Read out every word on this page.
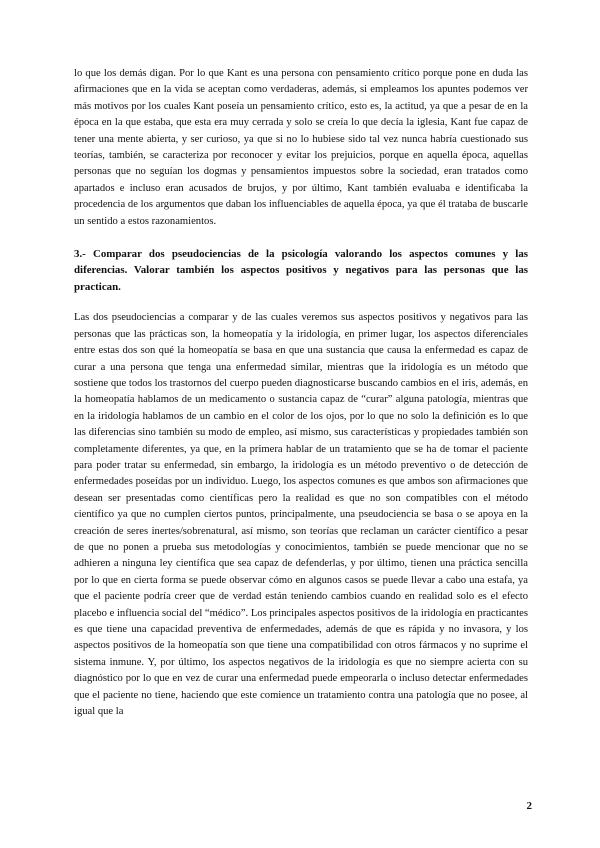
lo que los demás digan. Por lo que Kant es una persona con pensamiento crítico porque pone en duda las afirmaciones que en la vida se aceptan como verdaderas, además, si empleamos los apuntes podemos ver más motivos por los cuales Kant poseía un pensamiento crítico, esto es, la actitud, ya que a pesar de en la época en la que estaba, que esta era muy cerrada y solo se creía lo que decía la iglesia, Kant fue capaz de tener una mente abierta, y ser curioso, ya que si no lo hubiese sido tal vez nunca habría cuestionado sus teorías, también, se caracteriza por reconocer y evitar los prejuicios, porque en aquella época, aquellas personas que no seguían los dogmas y pensamientos impuestos sobre la sociedad, eran tratados como apartados e incluso eran acusados de brujos, y por último, Kant también evaluaba e identificaba la procedencia de los argumentos que daban los influenciables de aquella época, ya que él trataba de buscarle un sentido a estos razonamientos.

3.- Comparar dos pseudociencias de la psicología valorando los aspectos comunes y las diferencias. Valorar también los aspectos positivos y negativos para las personas que las practican.

Las dos pseudociencias a comparar y de las cuales veremos sus aspectos positivos y negativos para las personas que las prácticas son, la homeopatía y la iridología, en primer lugar, los aspectos diferenciales entre estas dos son qué la homeopatía se basa en que una sustancia que causa la enfermedad es capaz de curar a una persona que tenga una enfermedad similar, mientras que la iridología es un método que sostiene que todos los trastornos del cuerpo pueden diagnosticarse buscando cambios en el iris, además, en la homeopatía hablamos de un medicamento o sustancia capaz de “curar” alguna patología, mientras que en la iridología hablamos de un cambio en el color de los ojos, por lo que no solo la definición es lo que las diferencias sino también su modo de empleo, así mismo, sus características y propiedades también son completamente diferentes, ya que, en la primera hablar de un tratamiento que se ha de tomar el paciente para poder tratar su enfermedad, sin embargo, la iridología es un método preventivo o de detección de enfermedades poseídas por un individuo. Luego, los aspectos comunes es que ambos son afirmaciones que desean ser presentadas como científicas pero la realidad es que no son compatibles con el método científico ya que no cumplen ciertos puntos, principalmente, una pseudociencia se basa o se apoya en la creación de seres inertes/sobrenatural, así mismo, son teorías que reclaman un carácter científico a pesar de que no ponen a prueba sus metodologías y conocimientos, también se puede mencionar que no se adhieren a ninguna ley científica que sea capaz de defenderlas, y por último, tienen una práctica sencilla por lo que en cierta forma se puede observar cómo en algunos casos se puede llevar a cabo una estafa, ya que el paciente podría creer que de verdad están teniendo cambios cuando en realidad solo es el efecto placebo e influencia social del “médico”. Los principales aspectos positivos de la iridología en practicantes es que tiene una capacidad preventiva de enfermedades, además de que es rápida y no invasora, y los aspectos positivos de la homeopatía son que tiene una compatibilidad con otros fármacos y no suprime el sistema inmune. Y, por último, los aspectos negativos de la iridología es que no siempre acierta con su diagnóstico por lo que en vez de curar una enfermedad puede empeorarla o incluso detectar enfermedades que el paciente no tiene, haciendo que este comience un tratamiento contra una patología que no posee, al igual que la

2
